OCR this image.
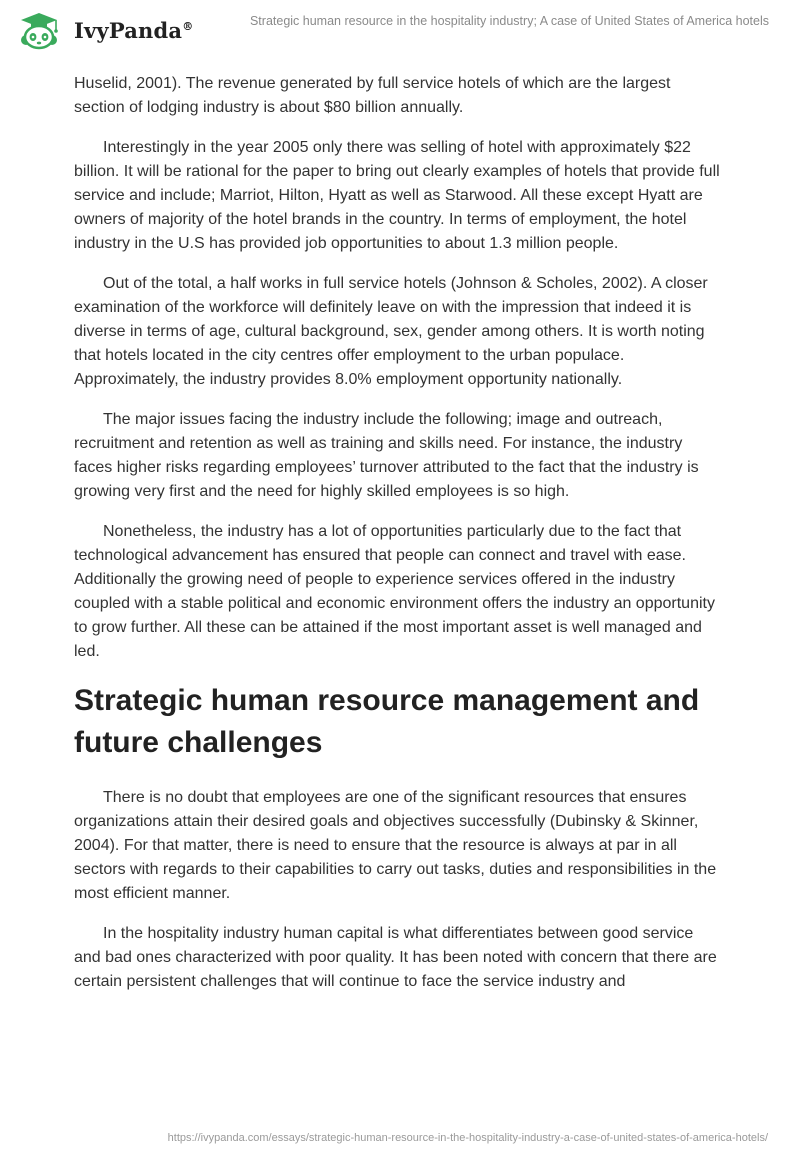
IvyPanda®	Strategic human resource in the hospitality industry; A case of United States of America hotels

Huselid, 2001). The revenue generated by full service hotels of which are the largest section of lodging industry is about $80 billion annually.

Interestingly in the year 2005 only there was selling of hotel with approximately $22 billion. It will be rational for the paper to bring out clearly examples of hotels that provide full service and include; Marriot, Hilton, Hyatt as well as Starwood. All these except Hyatt are owners of majority of the hotel brands in the country. In terms of employment, the hotel industry in the U.S has provided job opportunities to about 1.3 million people.

Out of the total, a half works in full service hotels (Johnson & Scholes, 2002). A closer examination of the workforce will definitely leave on with the impression that indeed it is diverse in terms of age, cultural background, sex, gender among others. It is worth noting that hotels located in the city centres offer employment to the urban populace. Approximately, the industry provides 8.0% employment opportunity nationally.

The major issues facing the industry include the following; image and outreach, recruitment and retention as well as training and skills need. For instance, the industry faces higher risks regarding employees’ turnover attributed to the fact that the industry is growing very first and the need for highly skilled employees is so high.

Nonetheless, the industry has a lot of opportunities particularly due to the fact that technological advancement has ensured that people can connect and travel with ease. Additionally the growing need of people to experience services offered in the industry coupled with a stable political and economic environment offers the industry an opportunity to grow further. All these can be attained if the most important asset is well managed and led.

Strategic human resource management and future challenges

There is no doubt that employees are one of the significant resources that ensures organizations attain their desired goals and objectives successfully (Dubinsky & Skinner, 2004). For that matter, there is need to ensure that the resource is always at par in all sectors with regards to their capabilities to carry out tasks, duties and responsibilities in the most efficient manner.

In the hospitality industry human capital is what differentiates between good service and bad ones characterized with poor quality. It has been noted with concern that there are certain persistent challenges that will continue to face the service industry and

https://ivypanda.com/essays/strategic-human-resource-in-the-hospitality-industry-a-case-of-united-states-of-america-hotels/
